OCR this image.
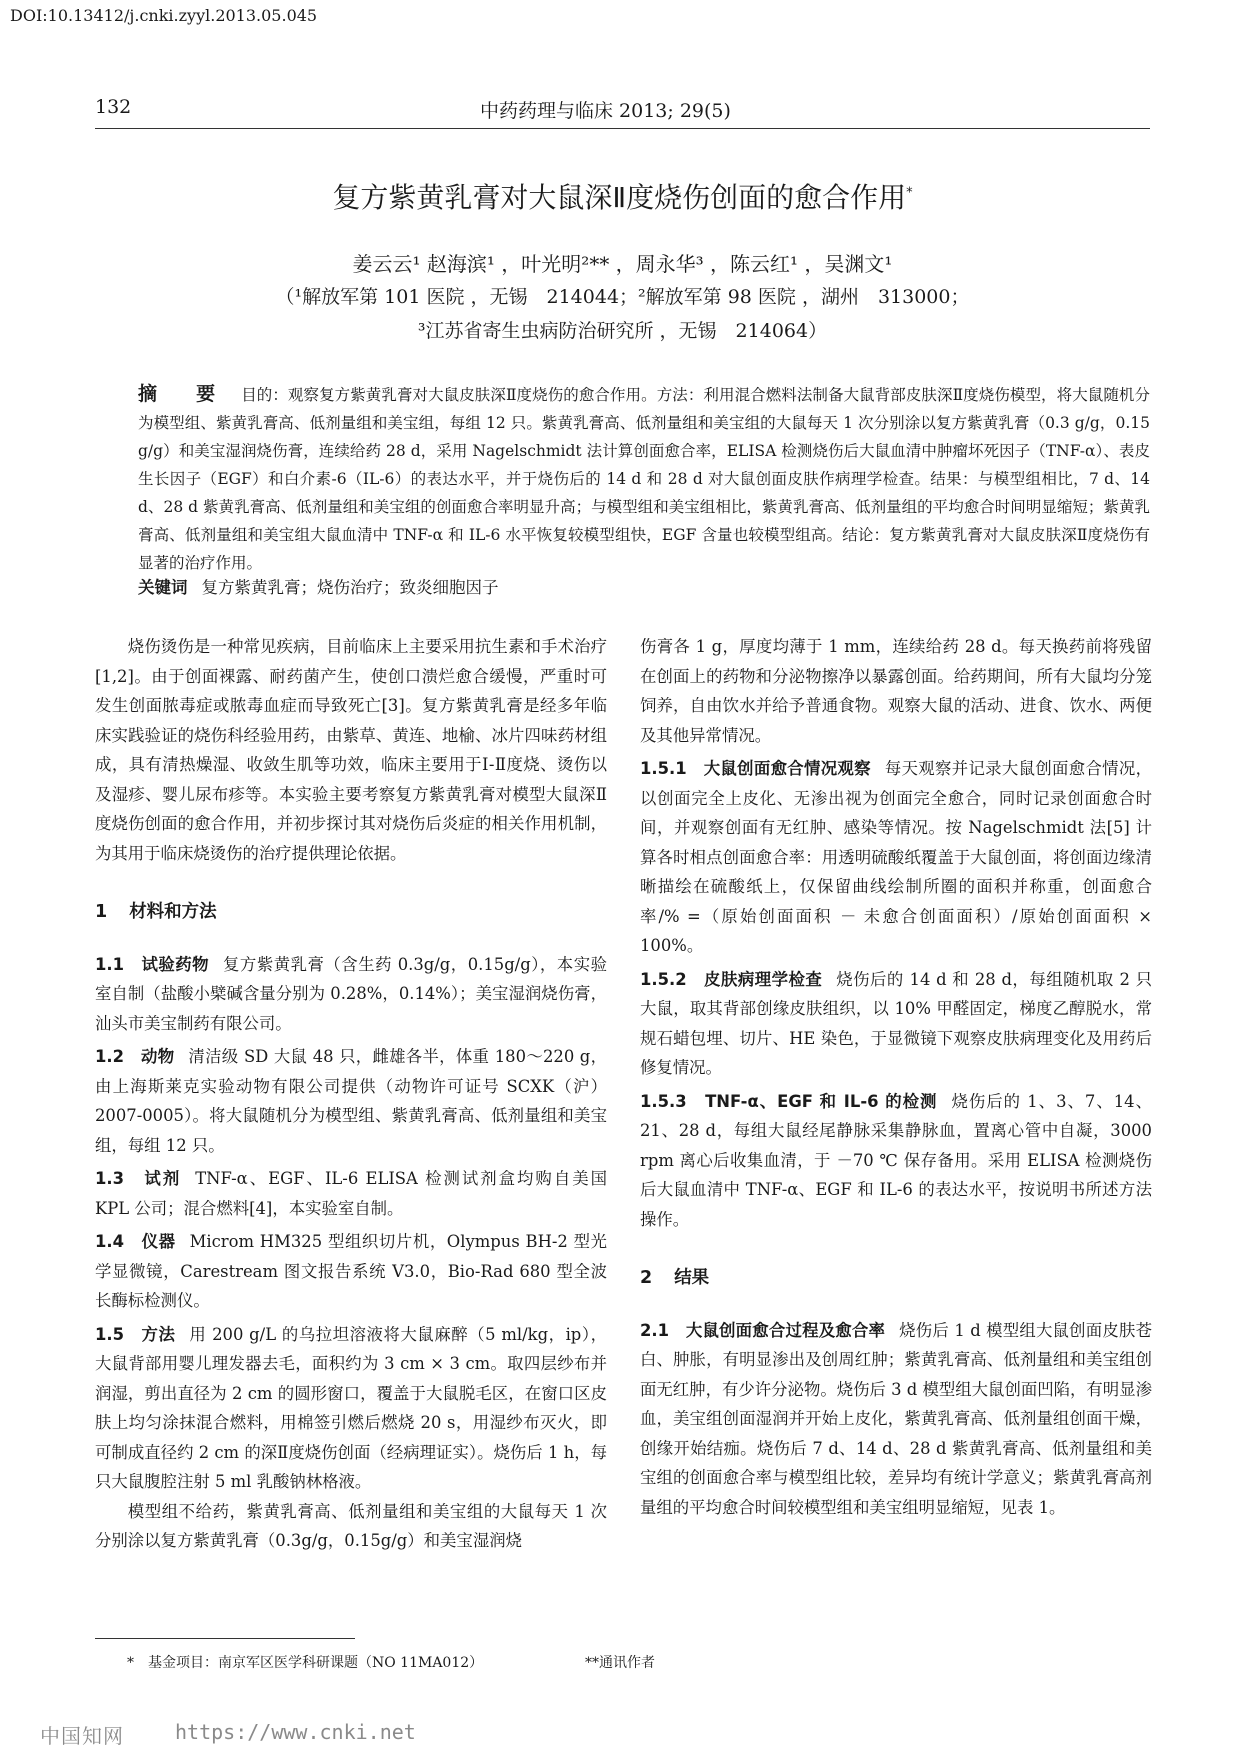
DOI:10.13412/j.cnki.zyyl.2013.05.045
132	中药药理与临床 2013; 29(5)
复方紫黄乳膏对大鼠深Ⅱ度烧伤创面的愈合作用*
姜云云¹ 赵海滨¹ ，叶光明²** ，周永华³ ，陈云红¹ ，吴渊文¹
（¹解放军第 101 医院 ，无锡　214044；²解放军第 98 医院 ，湖州　313000；
³江苏省寄生虫病防治研究所 ，无锡　214064）
摘　要 目的：观察复方紫黄乳膏对大鼠皮肤深Ⅱ度烧伤的愈合作用。方法：利用混合燃料法制备大鼠背部皮肤深Ⅱ度烧伤模型，将大鼠随机分为模型组、紫黄乳膏高、低剂量组和美宝组，每组 12 只。紫黄乳膏高、低剂量组和美宝组的大鼠每天 1 次分别涂以复方紫黄乳膏（0.3 g/g，0.15 g/g）和美宝湿润烧伤膏，连续给药 28 d，采用 Nagelschmidt 法计算创面愈合率，ELISA 检测烧伤后大鼠血清中肿瘤坏死因子（TNF-α）、表皮生长因子（EGF）和白介素-6（IL-6）的表达水平，并于烧伤后的 14 d 和 28 d 对大鼠创面皮肤作病理学检查。结果：与模型组相比，7 d、14 d、28 d 紫黄乳膏高、低剂量组和美宝组的创面愈合率明显升高；与模型组和美宝组相比，紫黄乳膏高、低剂量组的平均愈合时间明显缩短；紫黄乳膏高、低剂量组和美宝组大鼠血清中 TNF-α 和 IL-6 水平恢复较模型组快，EGF 含量也较模型组高。结论：复方紫黄乳膏对大鼠皮肤深Ⅱ度烧伤有显著的治疗作用。
关键词 复方紫黄乳膏；烧伤治疗；致炎细胞因子

烧伤烫伤是一种常见疾病，目前临床上主要采用抗生素和手术治疗[1,2]。由于创面裸露、耐药菌产生，使创口溃烂愈合缓慢，严重时可发生创面脓毒症或脓毒血症而导致死亡[3]。复方紫黄乳膏是经多年临床实践验证的烧伤科经验用药，由紫草、黄连、地榆、冰片四味药材组成，具有清热燥湿、收敛生肌等功效，临床主要用于Ⅰ-Ⅱ度烧、烫伤以及湿疹、婴儿尿布疹等。本实验主要考察复方紫黄乳膏对模型大鼠深Ⅱ度烧伤创面的愈合作用，并初步探讨其对烧伤后炎症的相关作用机制，为其用于临床烧烫伤的治疗提供理论依据。

1 材料和方法

1.1　试验药物 复方紫黄乳膏（含生药 0.3g/g，0.15g/g），本实验室自制（盐酸小檗碱含量分别为 0.28%，0.14%）；美宝湿润烧伤膏，汕头市美宝制药有限公司。

1.2　动物 清洁级 SD 大鼠 48 只，雌雄各半，体重 180～220 g，由上海斯莱克实验动物有限公司提供（动物许可证号 SCXK（沪）2007-0005）。将大鼠随机分为模型组、紫黄乳膏高、低剂量组和美宝组，每组 12 只。

1.3　试剂 TNF-α、EGF、IL-6 ELISA 检测试剂盒均购自美国 KPL 公司；混合燃料[4]，本实验室自制。

1.4　仪器 Microm HM325 型组织切片机，Olympus BH-2 型光学显微镜，Carestream 图文报告系统 V3.0，Bio-Rad 680 型全波长酶标检测仪。

1.5　方法 用 200 g/L 的乌拉坦溶液将大鼠麻醉（5 ml/kg，ip），大鼠背部用婴儿理发器去毛，面积约为 3 cm × 3 cm。取四层纱布并润湿，剪出直径为 2 cm 的圆形窗口，覆盖于大鼠脱毛区，在窗口区皮肤上均匀涂抹混合燃料，用棉签引燃后燃烧 20 s，用湿纱布灭火，即可制成直径约 2 cm 的深Ⅱ度烧伤创面（经病理证实）。烧伤后 1 h，每只大鼠腹腔注射 5 ml 乳酸钠林格液。

模型组不给药，紫黄乳膏高、低剂量组和美宝组的大鼠每天 1 次分别涂以复方紫黄乳膏（0.3g/g，0.15g/g）和美宝湿润烧

伤膏各 1 g，厚度均薄于 1 mm，连续给药 28 d。每天换药前将残留在创面上的药物和分泌物擦净以暴露创面。给药期间，所有大鼠均分笼饲养，自由饮水并给予普通食物。观察大鼠的活动、进食、饮水、两便及其他异常情况。

1.5.1　大鼠创面愈合情况观察 每天观察并记录大鼠创面愈合情况，以创面完全上皮化、无渗出视为创面完全愈合，同时记录创面愈合时间，并观察创面有无红肿、感染等情况。按 Nagelschmidt 法[5] 计算各时相点创面愈合率：用透明硫酸纸覆盖于大鼠创面，将创面边缘清晰描绘在硫酸纸上，仅保留曲线绘制所圈的面积并称重，创面愈合率/% =（原始创面面积 － 未愈合创面面积）/原始创面面积 × 100%。

1.5.2　皮肤病理学检查 烧伤后的 14 d 和 28 d，每组随机取 2 只大鼠，取其背部创缘皮肤组织，以 10% 甲醛固定，梯度乙醇脱水，常规石蜡包埋、切片、HE 染色，于显微镜下观察皮肤病理变化及用药后修复情况。

1.5.3　TNF-α、EGF 和 IL-6 的检测 烧伤后的 1、3、7、14、21、28 d，每组大鼠经尾静脉采集静脉血，置离心管中自凝，3000 rpm 离心后收集血清，于 －70 ℃ 保存备用。采用 ELISA 检测烧伤后大鼠血清中 TNF-α、EGF 和 IL-6 的表达水平，按说明书所述方法操作。

2 结果

2.1　大鼠创面愈合过程及愈合率 烧伤后 1 d 模型组大鼠创面皮肤苍白、肿胀，有明显渗出及创周红肿；紫黄乳膏高、低剂量组和美宝组创面无红肿，有少许分泌物。烧伤后 3 d 模型组大鼠创面凹陷，有明显渗血，美宝组创面湿润并开始上皮化，紫黄乳膏高、低剂量组创面干燥，创缘开始结痂。烧伤后 7 d、14 d、28 d 紫黄乳膏高、低剂量组和美宝组的创面愈合率与模型组比较，差异均有统计学意义；紫黄乳膏高剂量组的平均愈合时间较模型组和美宝组明显缩短，见表 1。

*　基金项目：南京军区医学科研课题（NO 11MA012）	**通讯作者
中国知网	https://www.cnki.net
